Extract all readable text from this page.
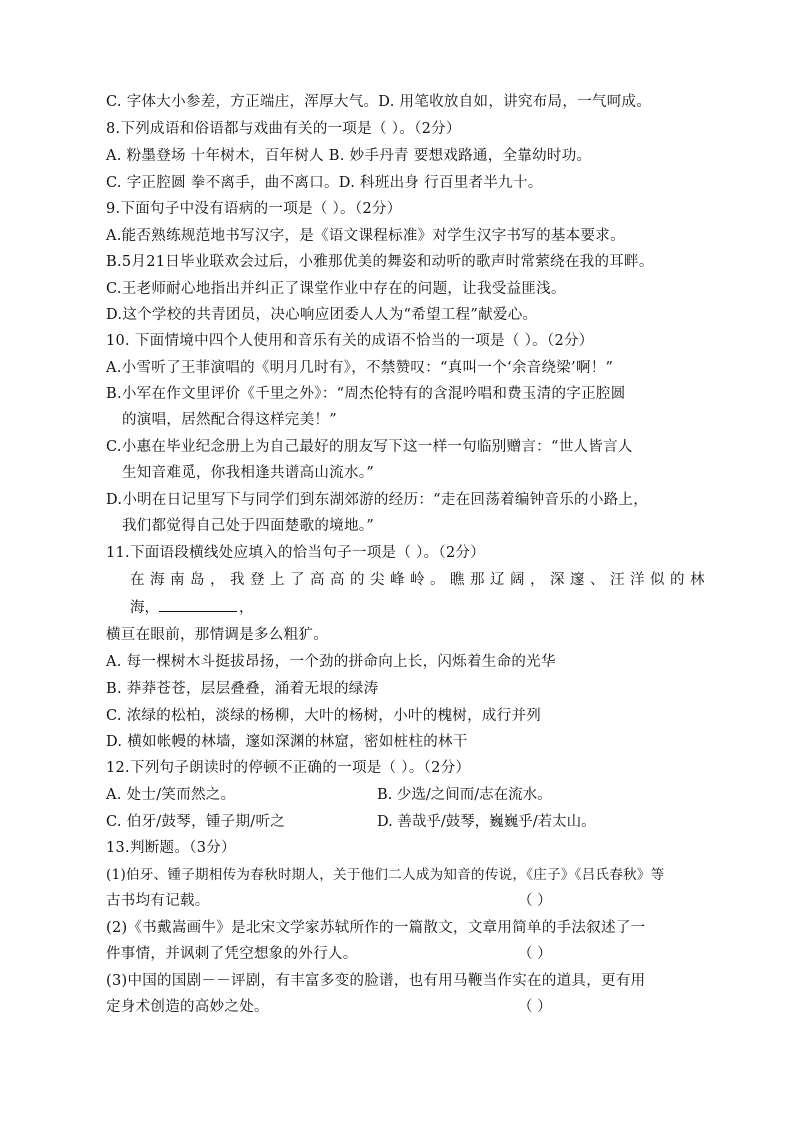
C. 字体大小参差，方正端庄，浑厚大气。D. 用笔收放自如，讲究布局，一气呵成。
8.下列成语和俗语都与戏曲有关的一项是（ ）。（2分）
A. 粉墨登场 十年树木，百年树人 B. 妙手丹青 要想戏路通，全靠幼时功。
C. 字正腔圆 拳不离手，曲不离口。D. 科班出身 行百里者半九十。
9.下面句子中没有语病的一项是（ ）。（2分）
A.能否熟练规范地书写汉字，是《语文课程标准》对学生汉字书写的基本要求。
B.5月21日毕业联欢会过后，小雅那优美的舞姿和动听的歌声时常萦绕在我的耳畔。
C.王老师耐心地指出并纠正了课堂作业中存在的问题，让我受益匪浅。
D.这个学校的共青团员，决心响应团委人人为“希望工程”献爱心。
10. 下面情境中四个人使用和音乐有关的成语不恰当的一项是（ ）。（2分）
A.小雪听了王菲演唱的《明月几时有》，不禁赞叹：“真叫一个‘余音绕梁’啊！”
B.小军在作文里评价《千里之外》：“周杰伦特有的含混吟唱和费玉清的字正腔圆
的演唱，居然配合得这样完美！”
C.小惠在毕业纪念册上为自己最好的朋友写下这一样一句临别赠言：“世人皆言人
生知音难觅，你我相逢共谱高山流水。”
D.小明在日记里写下与同学们到东湖郊游的经历：“走在回荡着编钟音乐的小路上，
我们都觉得自己处于四面楚歌的境地。”
11.下面语段横线处应填入的恰当句子一项是（ ）。（2分）
在海南岛，我登上了高高的尖峰岭。瞧那辽阔，深邃、汪洋似的林
海，	，
横亘在眼前，那情调是多么粗犷。
A. 每一棵树木斗挺拔昂扬，一个劲的拼命向上长，闪烁着生命的光华
B. 莽莽苍苍，层层叠叠，涌着无垠的绿涛
C. 浓绿的松柏，淡绿的杨柳，大叶的杨树，小叶的槐树，成行并列
D. 横如帐幔的林墙，邃如深渊的林窟，密如桩柱的林干
12.下列句子朗读时的停顿不正确的一项是（ ）。（2分）
A. 处士/笑而然之。	B. 少选/之间而/志在流水。
C. 伯牙/鼓琴，锺子期/听之	D. 善哉乎/鼓琴，巍巍乎/若太山。
13.判断题。（3分）
(1)伯牙、锺子期相传为春秋时期人，关于他们二人成为知音的传说，《庄子》《吕氏春秋》等
古书均有记载。	（ ）
(2)《书戴嵩画牛》是北宋文学家苏轼所作的一篇散文，文章用简单的手法叙述了一
件事情，并讽刺了凭空想象的外行人。	（ ）
(3)中国的国剧－－评剧，有丰富多变的脸谱，也有用马鞭当作实在的道具，更有用
定身术创造的高妙之处。	（ ）
